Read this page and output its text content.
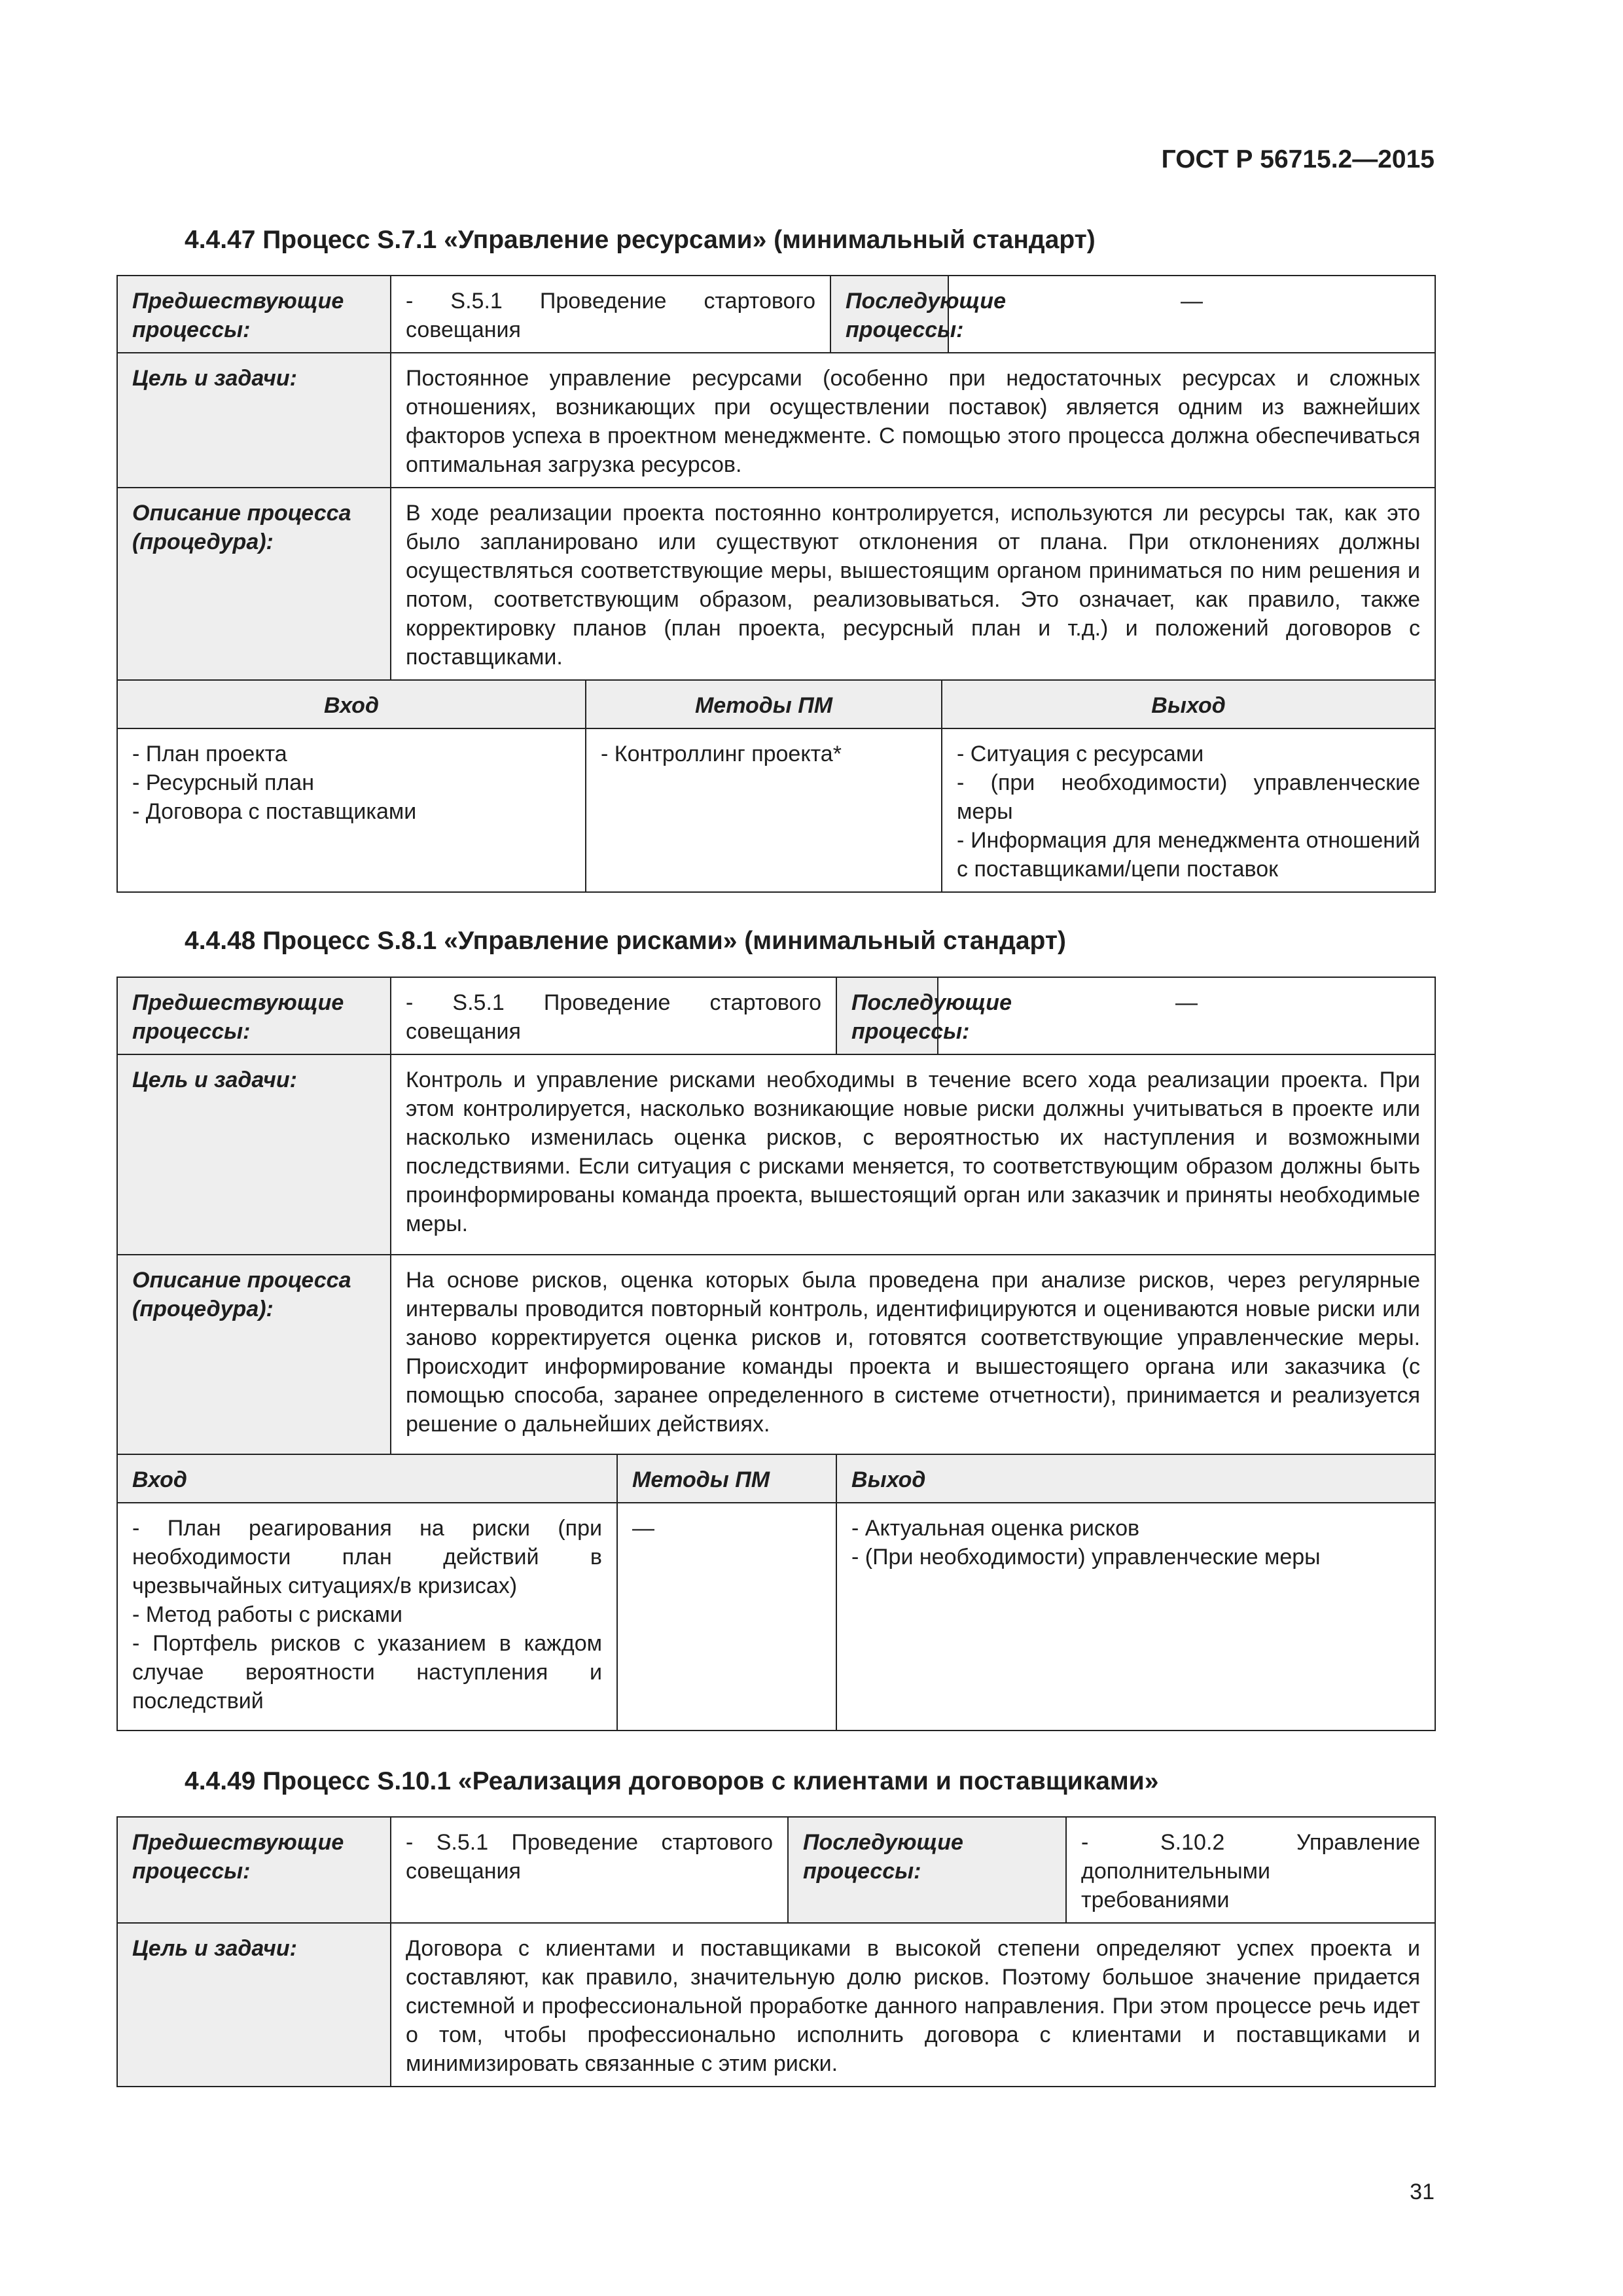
ГОСТ Р 56715.2—2015
4.4.47 Процесс S.7.1 «Управление ресурсами» (минимальный стандарт)
Предшествующие процессы:	- S.5.1 Проведение стартового совещания		Последующие процессы:		—
Цель и задачи:	Постоянное управление ресурсами (особенно при недостаточных ресурсах и сложных отношениях, возникающих при осуществлении поставок) является одним из важнейших факторов успеха в проектном менеджменте. С помощью этого процесса должна обеспечиваться оптимальная загрузка ресурсов.				
Описание процесса (процедура):	В ходе реализации проекта постоянно контролируется, используются ли ресурсы так, как это было запланировано или существуют отклонения от плана. При отклонениях должны осуществляться соответствующие меры, вышестоящим органом приниматься по ним решения и потом, соответствующим образом, реализовываться. Это означает, как правило, также корректировку планов (план проекта, ресурсный план и т.д.) и положений договоров с поставщиками.				
Вход		Методы ПМ		Выход	

- План проекта
- Ресурсный план
- Договора с поставщиками		- Контроллинг проекта*		- Ситуация с ресурсами
- (при необходимости) управленческие меры
- Информация для менеджмента отношений с поставщиками/цепи поставок	
4.4.48 Процесс S.8.1 «Управление рисками» (минимальный стандарт)
Предшествующие процессы:	- S.5.1 Проведение стартового совещания		Последующие процессы:	—
Цель и задачи:	Контроль и управление рисками необходимы в течение всего хода реализации проекта. При этом контролируется, насколько возникающие новые риски должны учитываться в проекте или насколько изменилась оценка рисков, с вероятностью их наступления и возможными последствиями. Если ситуация с рисками меняется, то соответствующим образом должны быть проинформированы команда проекта, вышестоящий орган или заказчик и приняты необходимые меры.			
Описание процесса (процедура):	На основе рисков, оценка которых была проведена при анализе рисков, через регулярные интервалы проводится повторный контроль, идентифицируются и оцениваются новые риски или заново корректируется оценка рисков и, готовятся соответствующие управленческие меры. Происходит информирование команды проекта и вышестоящего органа или заказчика (с помощью способа, заранее определенного в системе отчетности), принимается и реализуется решение о дальнейших действиях.			
Вход		Методы ПМ	Выход	

- План реагирования на риски (при необходимости план действий в чрезвычайных ситуациях/в кризисах)
- Метод работы с рисками
- Портфель рисков с указанием в каждом случае вероятности наступления и последствий		—	- Актуальная оценка рисков
- (При необходимости) управленческие меры	
4.4.49 Процесс S.10.1 «Реализация договоров с клиентами и поставщиками»
Предшествующие процессы:	- S.5.1 Проведение стартового совещания	Последующие процессы:	- S.10.2 Управление дополнительными требованиями
Цель и задачи:	Договора с клиентами и поставщиками в высокой степени определяют успех проекта и составляют, как правило, значительную долю рисков. Поэтому большое значение придается системной и профессиональной проработке данного направления. При этом процессе речь идет о том, чтобы профессионально исполнить договора с клиентами и поставщиками и минимизировать связанные с этим риски.		
31
